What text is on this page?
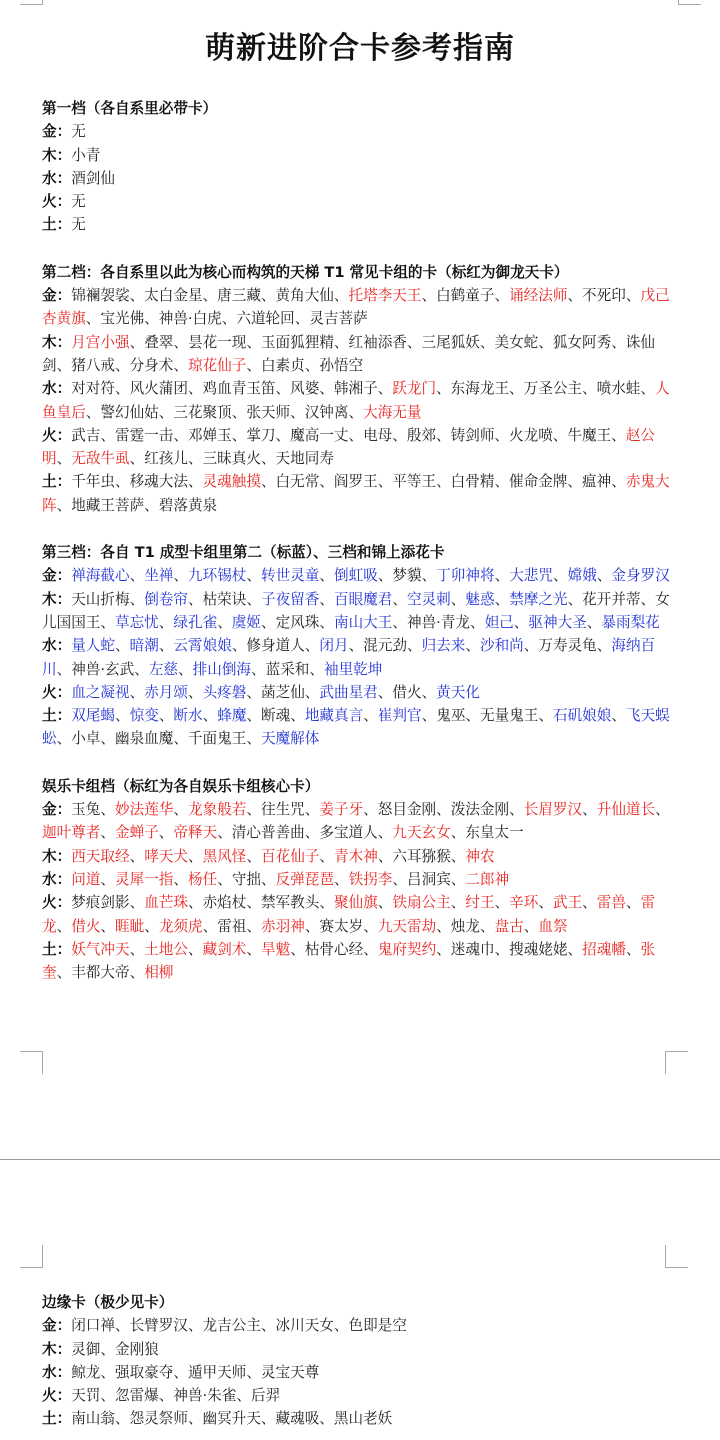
萌新进阶合卡参考指南
第一档（各自系里必带卡）
金：无
木：小青
水：酒剑仙
火：无
土：无
第二档：各自系里以此为核心而构筑的天梯 T1 常见卡组的卡（标红为御龙天卡）
金：锦襕袈裟、太白金星、唐三藏、黄角大仙、托塔李天王、白鹤童子、诵经法师、不死印、戊己杏黄旗、宝光佛、神兽·白虎、六道轮回、灵吉菩萨
木：月宫小强、叠翠、昙花一现、玉面狐狸精、红袖添香、三尾狐妖、美女蛇、狐女阿秀、诛仙剑、猪八戒、分身术、琼花仙子、白素贞、孙悟空
水：对对符、风火蒲团、鸡血青玉笛、风婆、韩湘子、跃龙门、东海龙王、万圣公主、喷水蛙、人鱼皇后、警幻仙姑、三花聚顶、张天师、汉钟离、大海无量
火：武吉、雷霆一击、邓婵玉、掌刀、魔高一丈、电母、殷郊、铸剑师、火龙喷、牛魔王、赵公明、无敌牛虱、红孩儿、三昧真火、天地同寿
土：千年虫、移魂大法、灵魂触摸、白无常、阎罗王、平等王、白骨精、催命金牌、瘟神、赤鬼大阵、地藏王菩萨、碧落黄泉
第三档：各自 T1 成型卡组里第二（标蓝）、三档和锦上添花卡
金：禅海截心、坐禅、九环锡杖、转世灵童、倒虹吸、梦貘、丁卯神将、大悲咒、嫦娥、金身罗汉
木：天山折梅、倒卷帘、枯荣诀、子夜留香、百眼魔君、空灵刺、魅惑、禁摩之光、花开并蒂、女儿国国王、草忘忧、绿孔雀、虞姬、定风珠、南山大王、神兽·青龙、妲己、驱神大圣、暴雨梨花
水：量人蛇、暗潮、云霄娘娘、修身道人、闭月、混元劲、归去来、沙和尚、万寿灵龟、海纳百川、神兽·玄武、左慈、排山倒海、蓝采和、袖里乾坤
火：血之凝视、赤月颂、头疼磐、菡芝仙、武曲星君、借火、黄天化
土：双尾蝎、惊变、断水、蜂魔、断魂、地藏真言、崔判官、鬼巫、无量鬼王、石矶娘娘、飞天蜈蚣、小卓、幽泉血魔、千面鬼王、天魔解体
娱乐卡组档（标红为各自娱乐卡组核心卡）
金：玉兔、妙法莲华、龙象般若、往生咒、姜子牙、怒目金刚、泼法金刚、长眉罗汉、升仙道长、迦叶尊者、金蝉子、帝释天、清心普善曲、多宝道人、九天玄女、东皇太一
木：西天取经、哮天犬、黑风怪、百花仙子、青木神、六耳猕猴、神农
水：问道、灵犀一指、杨任、守拙、反弹琵琶、铁拐李、吕洞宾、二郎神
火：梦痕剑影、血芒珠、赤焰杖、禁军教头、聚仙旗、铁扇公主、纣王、辛环、武王、雷兽、雷龙、借火、睚眦、龙须虎、雷祖、赤羽神、赛太岁、九天雷劫、烛龙、盘古、血祭
土：妖气冲天、土地公、藏剑术、旱魃、枯骨心经、鬼府契约、迷魂巾、搜魂姥姥、招魂幡、张奎、丰都大帝、相柳
边缘卡（极少见卡）
金：闭口禅、长臂罗汉、龙吉公主、冰川天女、色即是空
木：灵御、金刚狼
水：鲸龙、强取豪夺、遁甲天师、灵宝天尊
火：天罚、忽雷爆、神兽·朱雀、后羿
土：南山翁、怨灵祭师、幽冥升天、藏魂吸、黑山老妖
